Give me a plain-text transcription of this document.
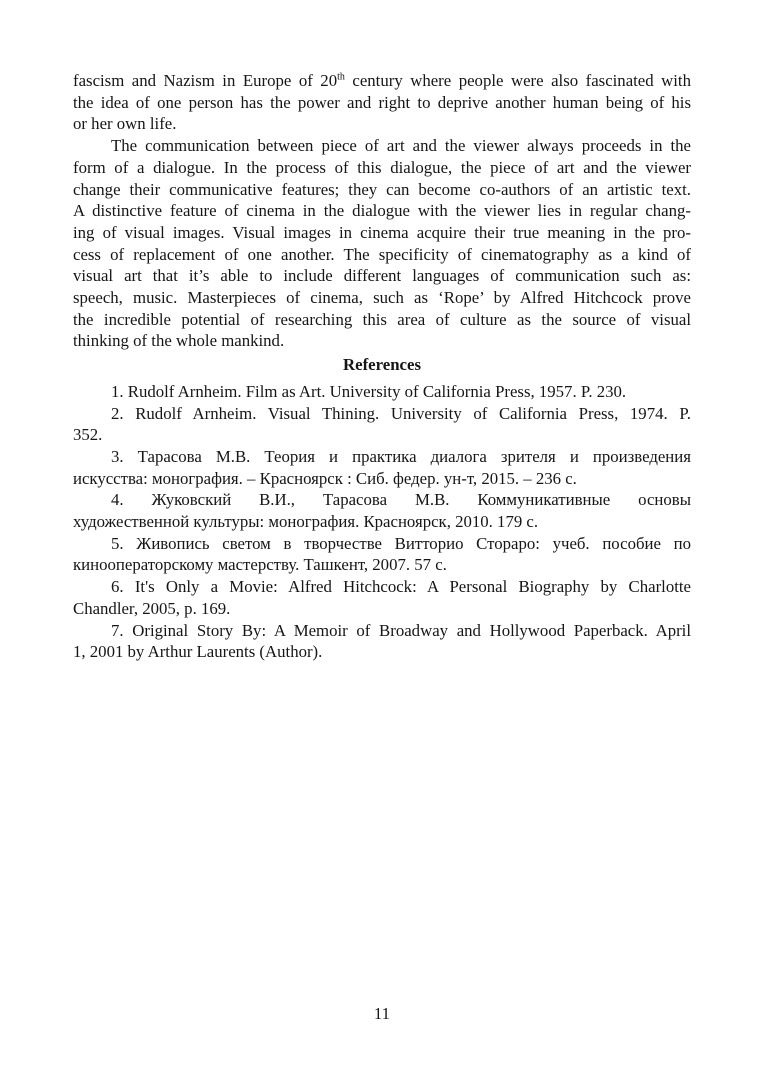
fascism and Nazism in Europe of 20th century where people were also fascinated with
the idea of one person has the power and right to deprive another human being of his
or her own life.
The communication between piece of art and the viewer always proceeds in the
form of a dialogue. In the process of this dialogue, the piece of art and the viewer
change their communicative features; they can become co-authors of an artistic text.
A distinctive feature of cinema in the dialogue with the viewer lies in regular chang-
ing of visual images. Visual images in cinema acquire their true meaning in the pro-
cess of replacement of one another. The specificity of cinematography as a kind of
visual art that it’s able to include different languages of communication such as:
speech, music. Masterpieces of cinema, such as ‘Rope’ by Alfred Hitchcock prove
the incredible potential of researching this area of culture as the source of visual
thinking of the whole mankind.
References
1. Rudolf Arnheim. Film as Art. University of California Press, 1957. P. 230.
2. Rudolf Arnheim. Visual Thining. University of California Press, 1974. P.
352.
3. Тарасова М.В. Теория и практика диалога зрителя и произведения
искусства: монография. – Красноярск : Сиб. федер. ун-т, 2015. – 236 с.
4. Жуковский В.И., Тарасова М.В. Коммуникативные основы
художественной культуры: монография. Красноярск, 2010. 179 с.
5. Живопись светом в творчестве Витторио Стораро: учеб. пособие по
кинооператорскому мастерству. Ташкент, 2007. 57 с.
6. It's Only a Movie: Alfred Hitchcock: A Personal Biography by Charlotte
Chandler, 2005, p. 169.
7. Original Story By: A Memoir of Broadway and Hollywood Paperback. April
1, 2001 by Arthur Laurents (Author).
11
